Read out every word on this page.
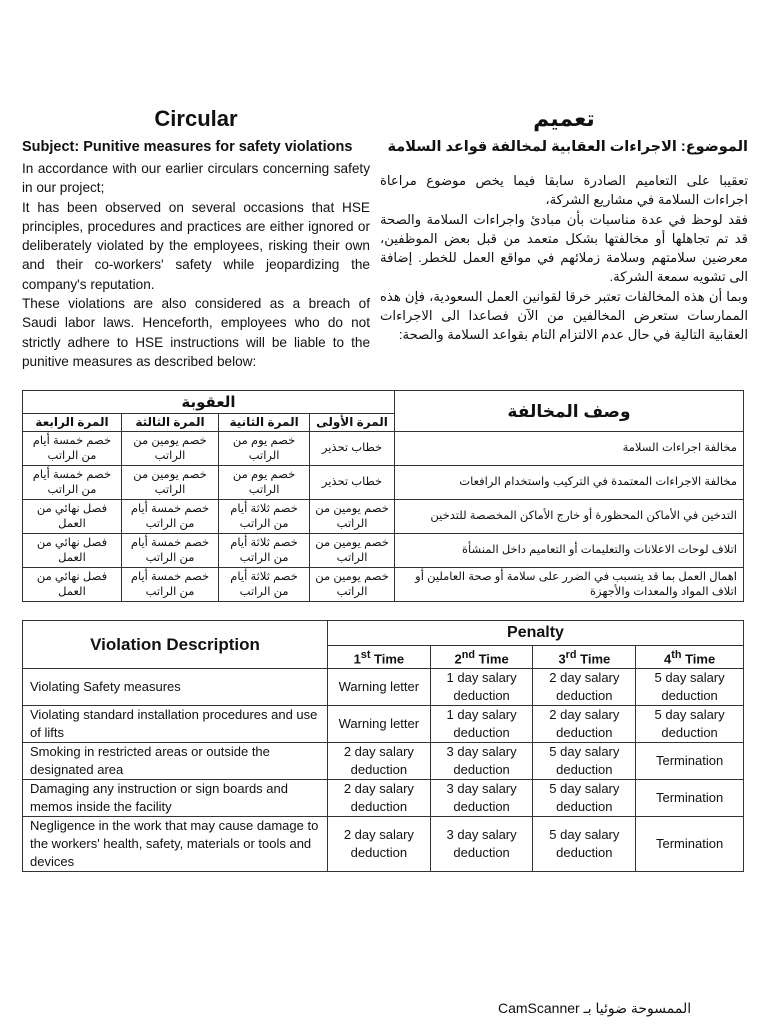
Circular
Subject: Punitive measures for safety violations

In accordance with our earlier circulars concerning safety in our project;

It has been observed on several occasions that HSE principles, procedures and practices are either ignored or deliberately violated by the employees, risking their own and their co-workers' safety while jeopardizing the company's reputation.

These violations are also considered as a breach of Saudi labor laws. Henceforth, employees who do not strictly adhere to HSE instructions will be liable to the punitive measures as described below:

تعميم
الموضوع: الاجراءات العقابية لمخالفة قواعد السلامة

تعقيبا على التعاميم الصادرة سابقا فيما يخص موضوع مراعاة اجراءات السلامة في مشاريع الشركة،

فقد لوحظ في عدة مناسبات بأن مبادئ واجراءات السلامة والصحة قد تم تجاهلها أو مخالفتها بشكل متعمد من قبل بعض الموظفين، معرضين سلامتهم وسلامة زملائهم في مواقع العمل للخطر. إضافة الى تشويه سمعة الشركة.

وبما أن هذه المخالفات تعتبر خرقا لقوانين العمل السعودية، فإن هذه الممارسات ستعرض المخالفين من الآن فصاعدا الى الاجراءات العقابية التالية في حال عدم الالتزام التام بقواعد السلامة والصحة:

وصف المخالفة	العقوبة			
	المرة الأولى	المرة الثانية	المرة الثالثة	المرة الرابعة
مخالفة اجراءات السلامة	خطاب تحذير	خصم يوم من الراتب	خصم يومين من الراتب	خصم خمسة أيام من الراتب
مخالفة الاجراءات المعتمدة في التركيب واستخدام الرافعات	خطاب تحذير	خصم يوم من الراتب	خصم يومين من الراتب	خصم خمسة أيام من الراتب
التدخين في الأماكن المحظورة أو خارج الأماكن المخصصة للتدخين	خصم يومين من الراتب	خصم ثلاثة أيام من الراتب	خصم خمسة أيام من الراتب	فصل نهائي من العمل
اتلاف لوحات الاعلانات والتعليمات أو التعاميم داخل المنشأة	خصم يومين من الراتب	خصم ثلاثة أيام من الراتب	خصم خمسة أيام من الراتب	فصل نهائي من العمل
اهمال العمل بما قد يتسبب في الضرر على سلامة أو صحة العاملين أو اتلاف المواد والمعدات والأجهزة	خصم يومين من الراتب	خصم ثلاثة أيام من الراتب	خصم خمسة أيام من الراتب	فصل نهائي من العمل
Violation Description	Penalty			
	1st Time	2nd Time	3rd Time	4th Time
Violating Safety measures	Warning letter	1 day salary deduction	2 day salary deduction	5 day salary deduction
Violating standard installation procedures and use of lifts	Warning letter	1 day salary deduction	2 day salary deduction	5 day salary deduction
Smoking in restricted areas or outside the designated area	2 day salary deduction	3 day salary deduction	5 day salary deduction	Termination
Damaging any instruction or sign boards and memos inside the facility	2 day salary deduction	3 day salary deduction	5 day salary deduction	Termination
Negligence in the work that may cause damage to the workers' health, safety, materials or tools and devices	2 day salary deduction	3 day salary deduction	5 day salary deduction	Termination
CamScanner الممسوحة ضوئيا بـ
